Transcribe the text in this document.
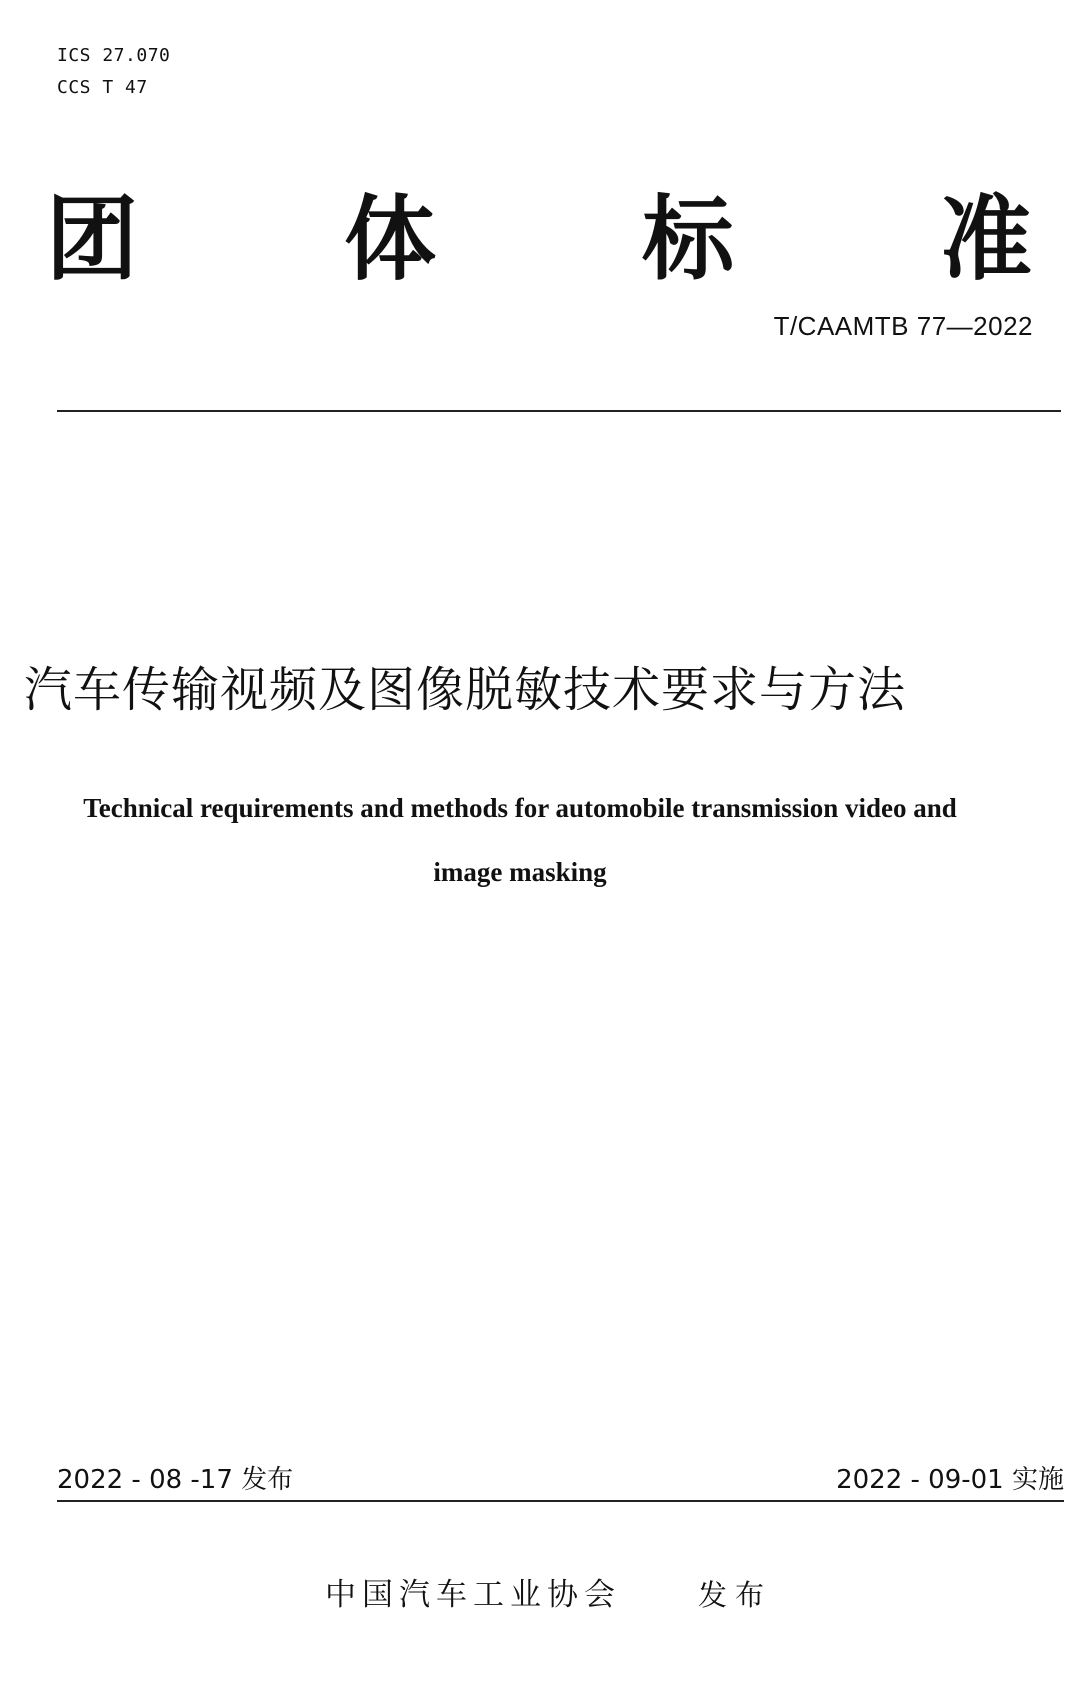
ICS 27.070
CCS T 47
团 体 标 准
T/CAAMTB 77—2022
汽车传输视频及图像脱敏技术要求与方法
Technical requirements and methods for automobile transmission video and
image masking
2022 - 08 -17 发布	2022 - 09-01 实施
中国汽车工业协会	发布
